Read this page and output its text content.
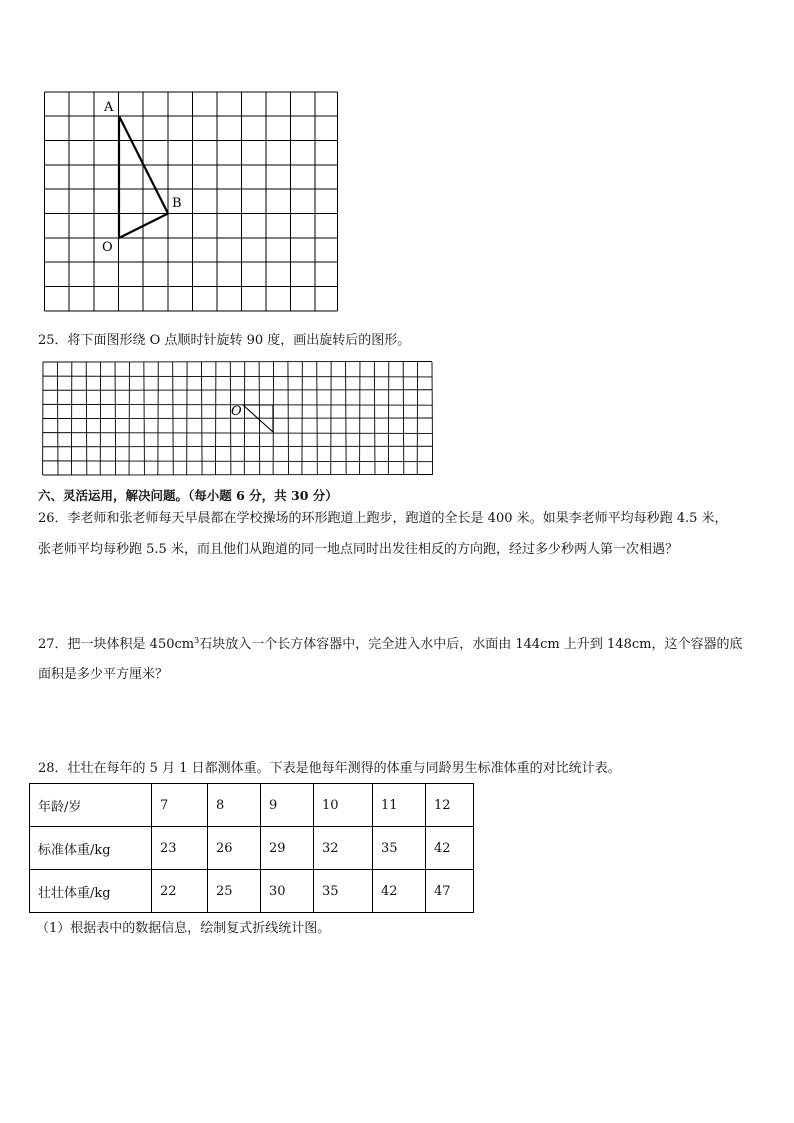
A
B
O
25．将下面图形绕 O 点顺时针旋转 90 度，画出旋转后的图形。
O
六、灵活运用，解决问题。（每小题 6 分，共 30 分）
26．李老师和张老师每天早晨都在学校操场的环形跑道上跑步，跑道的全长是 400 米。如果李老师平均每秒跑 4.5 米，
张老师平均每秒跑 5.5 米，而且他们从跑道的同一地点同时出发往相反的方向跑，经过多少秒两人第一次相遇？
27．把一块体积是 $450cm^3$石块放入一个长方体容器中，完全进入水中后，水面由 144cm 上升到 148cm，这个容器的底
面积是多少平方厘米？
28．壮壮在每年的 5 月 1 日都测体重。下表是他每年测得的体重与同龄男生标准体重的对比统计表。
年龄/岁	7	8	9	10	11	12
标准体重/kg	23	26	29	32	35	42
壮壮体重/kg	22	25	30	35	42	47
（1）根据表中的数据信息，绘制复式折线统计图。
